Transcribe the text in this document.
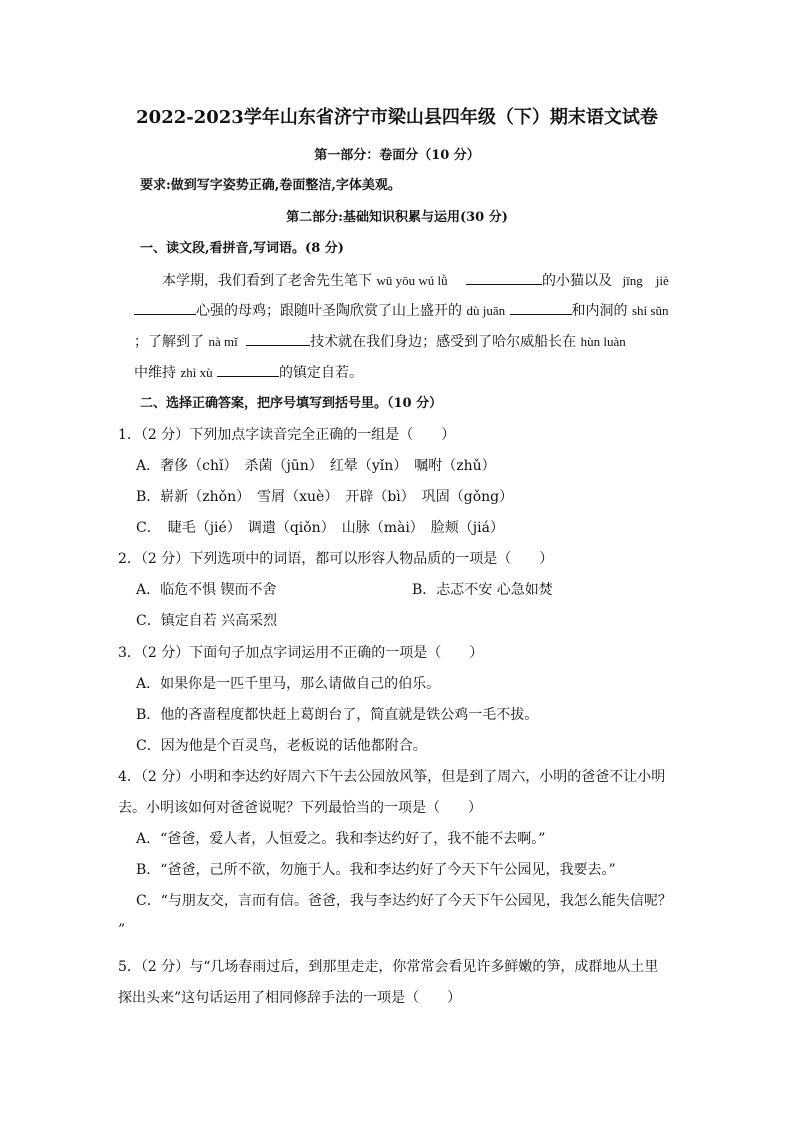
2022-2023学年山东省济宁市梁山县四年级（下）期末语文试卷
第一部分：卷面分（10 分）
要求:做到写字姿势正确,卷面整洁,字体美观。
第二部分:基础知识积累与运用(30 分)
一、读文段,看拼音,写词语。(8 分)
本学期，我们看到了老舍先生笔下 wū yōu wú lǜ	的小猫以及 jīng　jiè
心强的母鸡；跟随叶圣陶欣赏了山上盛开的 dù juān	和内洞的 shí sǔn
；了解到了 nà mǐ	技术就在我们身边；感受到了哈尔威船长在 hùn luàn
中维持 zhì xù	的镇定自若。
二、选择正确答案，把序号填写到括号里。（10 分）
1．（2 分）下列加点字读音完全正确的一组是（　　）
A．奢侈（chǐ）　杀菌（jūn）　红晕（yǐn）　嘱咐（zhǔ）
B．崭新（zhǒn）　雪屑（xuè）　开辟（bì）　巩固（gǒng）
C．　睫毛（jié）　调遣（qiǒn）　山脉（mài）　脸颊（jiá）
2．（2 分）下列选项中的词语，都可以形容人物品质的一项是（　　）
A．临危不惧 锲而不舍	B．忐忑不安 心急如焚
C．镇定自若 兴高采烈
3．（2 分）下面句子加点字词运用不正确的一项是（　　）
A．如果你是一匹千里马，那么请做自己的伯乐。
B．他的吝啬程度都快赶上葛朗台了，简直就是铁公鸡一毛不拔。
C．因为他是个百灵鸟，老板说的话他都附合。
4．（2 分）小明和李达约好周六下午去公园放风筝，但是到了周六，小明的爸爸不让小明
去。小明该如何对爸爸说呢？下列最恰当的一项是（　　）
A．“爸爸，爱人者，人恒爱之。我和李达约好了，我不能不去啊。”
B．“爸爸，己所不欲，勿施于人。我和李达约好了今天下午公园见，我要去。”
C．“与朋友交，言而有信。爸爸，我与李达约好了今天下午公园见，我怎么能失信呢？
”
5．（2 分）与“几场春雨过后，到那里走走，你常常会看见许多鲜嫩的笋，成群地从土里
探出头来”这句话运用了相同修辞手法的一项是（　　）
